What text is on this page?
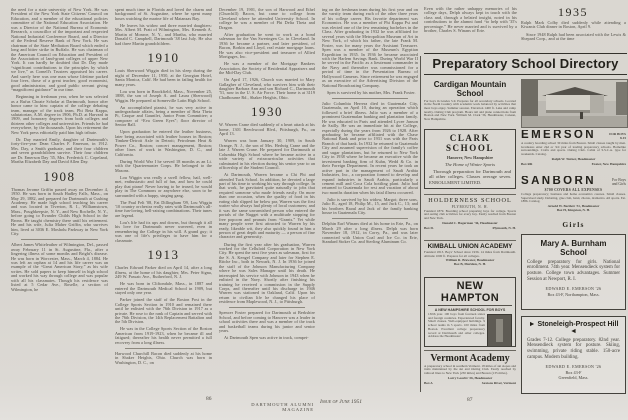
the need for a state university of New York. He was President of the New York State Citizens' Council on Education, and a member of the educational policies committee of the National Education Association. He was a Director of the National Bureau of Economic Research, a councillor of the important and respected National Industrial Conference Board, and a Director of the Federal Reserve Bank of New York. He was chairman of the State Mediation Board which ended a long and bitter strike in Buffalo. He was chairman of the American Council on Education and President of the Association of land-grant colleges of upper New York. It can hardly be doubted that Dr. Day made “significant contributions to the principles by which we live,” as Cornell's Trustees appraised his career. And surely here was one man whose lifetime packed four lives, those of a great teacher, good economist, good administrator, and good public servant giving “magnificent guidance” in our time.

Beginning in freshman year, when he was selected as a Rufus Choate Scholar at Dartmouth, honor after honor came to him: captain of the college debating team, manager of the track team, Phi Beta Kappa, salutatorian, A.M. degree in 1906, Ph.D. at Harvard in 1909, and honorary degrees from both colleges and thirteen other colleges and universities. Friends he had everywhere, by the thousands. Upon his retirement the New York press editorially paid him high tribute.

Dr. Day married Emily, daughter of Dartmouth's forty-five-year Dean Charles F. Emerson, in 1912. Mrs. Day, a Smith graduate, and their four children and seven grandchildren survive. Their four children are Dr. Emerson Day '35, Mrs. Frederick C. Copeland, Martha Elizabeth Day and David Allen Day.

1908

Thomas Jerome Griffin passed away on December 4, 1950. He was born in South Hadley Falls, Mass., on May 29, 1882, and prepared for Dartmouth at Cushing Academy. He made high school teaching his career and was located in Tiverton, R. I., Williamstown, Mass., Poughkeepsie, N. Y., and New Rochelle, N. Y., before going to Evander Childs High School in the Bronx. He taught chemistry there until his retirement. He and his wife, Julia Maher Griffin, who survives him, lived at 3036 E. Mosholu Parkway in New York City.

Albert James Whiteleather of Wilmington, Del., passed away February 11 in St. Augustine, Fla., after a lingering illness of some months and Bright's disease. He was born in Worcester, Mass., March 4, 1884. He was left an orphan at 14 and his life career was an example of the “Great American Story,” as his wife writes. He sold papers to keep himself in high school and worked his way through college and was popular with all his classmates. Though his residence was listed at 5 Cedar Ave., Roselle, a section of Wilmington, he

spent much time in Florida and loved the charm and background of St. Augustine, where he spent many hours watching the marine life of Matanzas Bay.

He leaves his widow and three married daughters: Mrs. Albert M. Pratt of Wilmington, Mrs. Kenneth A. Martin of Monroe, N. Y., and Martha, who married Donald C. Campbell, Dartmouth '38 last July. He also had three Martin grandchildren.

1910

Louis Sherwood Wiggin died in his sleep during the night of December 11, 1950, at the Georgian Hotel, Santa Monica, Calif. He had been in failing health for many years.

Lou was born in Brookfield, Mass., November 25, 1888, the son of Joseph A. and Laura (Sherwood) Wiggin. He prepared at Somerville Latin High School.

An accomplished pianist, he was very active in undergraduate affairs, being a member of Beta Theta Pi, Casque and Gauntlet, Junior Prom Committee; a composer of “Eva Green Eyes”; floor director of Senior Ball.

Upon graduation he entered the leather business, later being associated with leather houses in Boston; Timken-Detroit Axle in Detroit; Petroleum Heat & Power Co., Boston; concert management, Boston; other lines of work in Washington, D. C., and California.

During World War I he served 18 months as an Lt. with the Quartermaster Corps. He belonged to the Masons.

Lou Wiggin was really a swell fellow, hail, well-met, enthusiastic and full of fun, and how he could play that piano! Never having to be teased, he would play in The Commons or anywhere else, soon to be surrounded with a happy, singing gang.

The Paul Felt '08, Fat Dillingham '09, Lou Wiggin '10 country orchestra really rates with Dartmouth's all-time fun-loving, hell-raising combinations. Their tunes are legend.

Lou's life had its ups and downs, but through it all his love for Dartmouth never wavered, even in remembering the College in his will. A grand guy; it was one of life's privileges to have him for a classmate.

1913

Charles Edward Parker died on April 14, after a long illness, at the home of his daughter, Mrs. Peter Signa, 249 W. Passaic Ave., Rutherford, N. J.

He was born in Cliftondale, Mass., in 1887 and entered the Dartmouth Medical School in 1909, but stayed only one year.

Parker joined the staff of the Boston Post in the College Sports Section in 1910 and remained there until he enlisted with the 76th Division in 1917 as a private. He rose to the rank of Captain and served with the 76th Division, the 14th Replacement Battalion and the 5th Division.

He was in the College Sports Section of the Boston American from 1919-1923, when he became ill and fatigued; thereafter his health never permitted a full recovery from a long illness.

Harwood Churchill Bacon died suddenly at his home in Shaker Heights, Ohio. Church was born in Washington, D. C., on

December 19, 1901, the son of Harwood and Ethel (Churchill) Bacon, but came to college from Cleveland where he attended University School. In college he was a member of Phi Delta Theta and Dragon.

After graduation he went to work as a bond salesman for the Van Sweringen Co. in Cleveland. In 1936 he became a partner, and later president, of Bacon, Borkin and Lloyd, real estate mortgage loans. He was also vice-president and treasurer of Allied Mortgages, Inc.

He was a member of the Mortgage Bankers Association, the Society of Residential Appraisers and the Mid-Day Club.

On April 17, 1926, Church was married to Mary Gallagher of Cleveland, who survives him with their daughter Barbara Ann and son Richard C., Dartmouth '51, now in the U. S. Air Force. Their home is at 3119 Chadbourne Rd., Shaker Heights, Ohio.

1930

W. Warren Crane died suddenly of a heart attack at his home, 1301 Beechwood Blvd., Pittsburgh, Pa., on April 13.

Warren was born January 30, 1909, in South Orange, N. J., the son of Mrs. Hedwig Crane and the late J. Warren Crane. He prepared for Dartmouth at Columbia High School where he became active in a wide variety of extracurricular activities that culminated in his election during his senior year to an officership of the Student Council.

At Dartmouth, Warren became a Chi Phi and attended Tuck School. In addition, he devoted a large part of his time to working his way through college. In that work, he gravitated quite naturally to jobs that required someone who made friends easily. On more than one occasion, when the quality of food in his eating club slipped far below par, Warren was the first waiter who always had plenty of local customers; and it was the same unvarnished person who entered the portals of the Nugget with a multitude stopping for free popcorn and peanuts from “Grants.” Yet while many people were first attracted to Warren by his ready, likeable wit, they also quickly found in him a person of great depth and maturity — a person of fine character and generosity.

During the first year after his graduation, Warren worked for the Celluloid Corporation in New York City. He spent the next five years as salesman, first for the S. A. Kengel Company and later for Stephen E. Ritche Inc., both in Newark, N. J. In 1936 he joined the staff of the Johnson Manufacturing Company where he was Sales Manager until his death. He interrupted his service with Johnson in 1943 when he enlisted in the Navy. Shortly after finishing his training he received a commission in the Supply Corps, and thereafter until his discharge in 1946 Warren was stationed in Oakland, Calif. Upon his return to civilian life he changed his place of residence from Maplewood, N. J., to Pittsburgh.

Spencer Foster prepared for Dartmouth at Berkshire School, and before coming to Hanover was a leader in school activities there and was a member of the track and basketball teams during his junior and senior years.

At Dartmouth Spen was active in track, compet-

ing on the freshman team during his first year and on the varsity team during each of the other three years of his college career. His favorite department was Economics. He was a member of Phi Kappa Psi and was elected one of the few remaining bachelors in the Class. After graduating in 1932 he was affiliated for several years with the Metropolitan Museum of Art in New York, of which his father, the late Frank M. Foster, was for many years the Assistant Treasurer. Spen was a member of the Museum's Egyptian Expedition in 1935. In 1936 he became associated with the Harlem Savings Bank. During World War II he served in the Pacific as a lieutenant commander in the Navy and thereafter was commissioned for a period of time in the Presentation Bureau of Hollywood Cameras. Since retirement he was engaged as an executive of the Advertising Division of the National Broadcasting Company.

Spen is survived by his mother, Mrs. Frank Foster.

Julio Columbia Herrera died in Guatemala City, Guatemala, on April 10, during an operation which followed a brief illness. Julio was a member of a prominent Guatemalan banking and plantation family. He was educated in Paris and attended Lycee Janson de Sailly. He was an immediate hit at the College, especially during the years from 1926 to 1928. After graduating he became affiliated with the Chase National Bank and prior to 1931 was with the Paris Branch of that bank. In 1932 he returned to Guatemala City and assumed supervision of the family's coffee and sugar plantations, but he returned to New York City in 1938 where he became an executive with the investment banking firm of Kuhn, Wedd & Co. in their Foreign Department. In recent years he took an active part in the management of Saudi Arabia Industries, Inc., a corporation formed to develop and expand industries in Saudi Arabia, particularly a cement mill and Coca Cola bottling plant. Julio had returned to Guatemala for rest and vacation of about two months duration when his fatal illness occurred.

Julio is survived by his widow, Margot; three sons, Julio R., aged 18, Philip M., 15, and Jack C., 13; and his brothers Raoul and Jack of the family banking house in Guatemala City.

Delphin Earl Winans died at his home in Erie, Pa., on March 29 after a long illness. Delph was born November 18, 1912, in Corry, Pa., and was later connected with Union Coal and Ice Co. in Erie, Standard Stoker Co. and Sterling Aluminum Co.

Even with the rather unhappy memories of his college days, Delph always kept in touch with the class and, through a belated insight, noted in his contributions to the alumni fund “to help with '35's percentage.” He never married and is survived by a brother, Charles S. Winans of Erie.

1935

Ralph Mark Colby died suddenly while attending a Kiwanis Club dinner in Boston, April 9.

Since 1948 Ralph had been associated with the Lewis & Shepard Corp., and at the time

Preparatory School Directory
Cardigan Mountain School
For boys in Grades 5-9. Prepares for all secondary schools. Located in the North Country with academic work balanced by activities that most boys enjoy. Summer session. Elevation 1400 ft. Lake and camp nearby. Outing Club program. Hours rail and plane connections from Boston and New York. William M. Clark '36, Headmaster, Canaan, New Hampshire.
CLARK SCHOOL
Hanover, New Hampshire
The Home of Winter Sports
Thorough preparation for Dartmouth and all other colleges. Classes average seven. ENROLLMENT LIMITED.
HOLDERNESS SCHOOL
PLYMOUTH, N. H.
Founded 1879. Boarding school preparing boys for college. Sports and outing club activities for every boy. Easily reached from Boston and New York.
Donald C. Hagerman '36, Headmaster
Box D.	Plymouth, N. H.
KIMBALL UNION ACADEMY
Founded 1813. Boys' School since 1936. 14 miles from Dartmouth. Altitude 1000 ft. Prepares for all colleges.
William R. Brewster, Headmaster
Box B, Meriden, N. H.
NEW HAMPTON
A NEW HAMPSHIRE SCHOOL FOR BOYS
130th year. 100 boys from fourteen states and foreign countries. Experienced faculty. Small classes. Well-equipped buildings. 9 school teams in 5 sports. 100 miles from Boston. Excellent college preparatory record at Dartmouth and other colleges. Address the Headmaster:
Vermont Academy
A preparatory school in southern Vermont. 18 miles of ski slopes and trails maintained by the ski and Outing Club. Easily reached by railroad lines to New York (230 miles) and Boston (135 miles).
Larry Leavitt '26, Headmaster
Box A	Saxtons River, Vermont
EMERSON	FOR BOYS
8-15
A country boarding school 30 miles from Boston. Small classes taught by men. Graduates enter 2nd or 3rd year of leading preparatory schools. Homelike surroundings. Crafts and sports. Outing Club. Cabin of S.S.C.A. type for weekends. Catalog.
Ralph W. Turner, Headmaster
Box RR	Exeter, New Hampshire
SANBORN	For Boys
and Girls
$700 COVERS ALL EXPENSES
College preparatory; business and home economics courses. Small classes. Supervised study. Debating, glee club, band, chorus, dramatics. All sports. Est. 1886. Catalog.
Arnold W. Bartlett '31, Headmaster
Box H, Kingston, N. H.
Girls
Mary A. Burnham School
College preparatory for girls. National enrollment. 74th year. Mensendieck system for posture. College town advantages. Summer Session at Newport, R. I.
EDWARD E. EMERSON '26
Box 43-F, Northampton, Mass.
► Stoneleigh-Prospect Hill ◄
Grades 7-12. College preparatory. 82nd year. Mensendieck system for posture. Skiing, swimming, private riding stable. 150-acre campus. Modern building.
EDWARD E. EMERSON '26
Box 43-F
Greenfield, Mass.
86
DARTMOUTH ALUMNI MAGAZINE
Issue of June 1951	87
